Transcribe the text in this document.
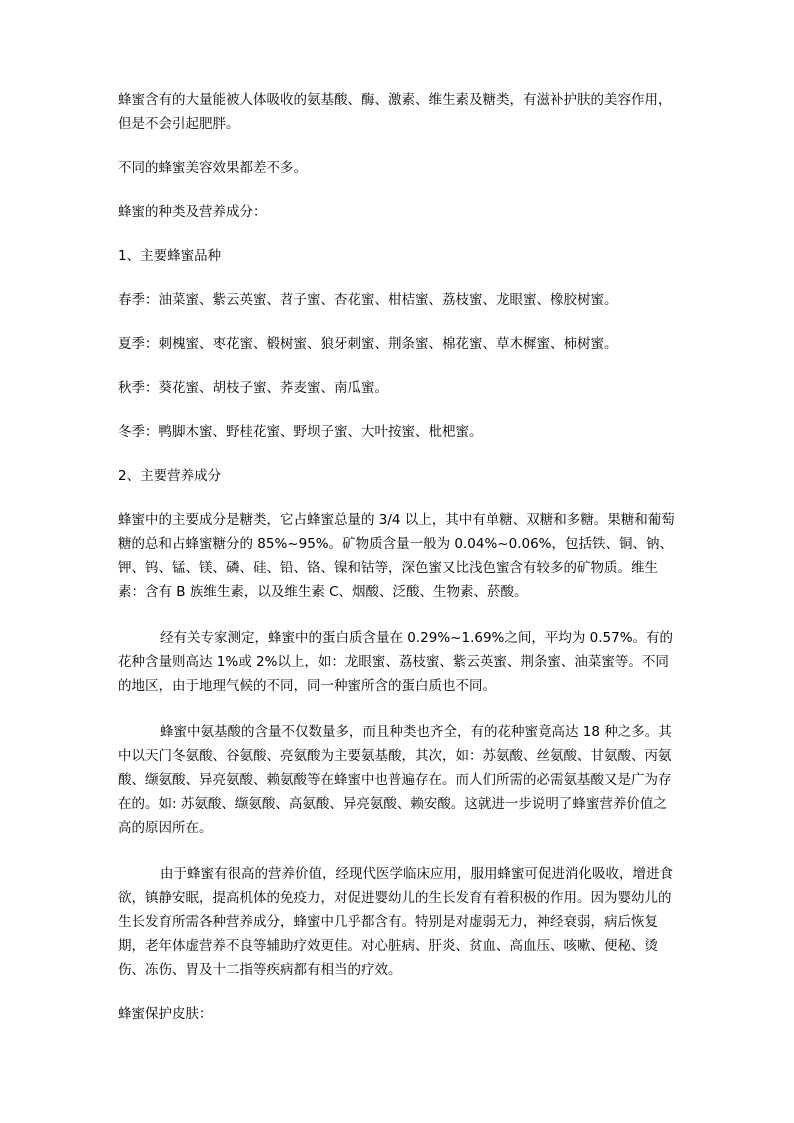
蜂蜜含有的大量能被人体吸收的氨基酸、酶、激素、维生素及糖类，有滋补护肤的美容作用，但是不会引起肥胖。

不同的蜂蜜美容效果都差不多。

蜂蜜的种类及营养成分：

1、主要蜂蜜品种

春季：油菜蜜、紫云英蜜、苕子蜜、杏花蜜、柑桔蜜、荔枝蜜、龙眼蜜、橡胶树蜜。

夏季：刺槐蜜、枣花蜜、椴树蜜、狼牙刺蜜、荆条蜜、棉花蜜、草木樨蜜、柿树蜜。

秋季：葵花蜜、胡枝子蜜、荞麦蜜、南瓜蜜。

冬季：鸭脚木蜜、野桂花蜜、野坝子蜜、大叶按蜜、枇杷蜜。

2、主要营养成分

蜂蜜中的主要成分是糖类，它占蜂蜜总量的 3/4 以上，其中有单糖、双糖和多糖。果糖和葡萄糖的总和占蜂蜜糖分的 85%~95%。矿物质含量一般为 0.04%~0.06%，包括铁、铜、钠、钾、钨、锰、镁、磷、硅、铅、铬、镍和钴等，深色蜜又比浅色蜜含有较多的矿物质。维生素：含有 B 族维生素，以及维生素 C、烟酸、泛酸、生物素、菸酸。

经有关专家测定，蜂蜜中的蛋白质含量在 0.29%~1.69%之间，平均为 0.57%。有的花种含量则高达 1%或 2%以上，如：龙眼蜜、荔枝蜜、紫云英蜜、荆条蜜、油菜蜜等。不同的地区，由于地理气候的不同，同一种蜜所含的蛋白质也不同。

蜂蜜中氨基酸的含量不仅数量多，而且种类也齐全，有的花种蜜竟高达 18 种之多。其中以天门冬氨酸、谷氨酸、亮氨酸为主要氨基酸，其次，如：苏氨酸、丝氨酸、甘氨酸、丙氨酸、缬氨酸、异亮氨酸、赖氨酸等在蜂蜜中也普遍存在。而人们所需的必需氨基酸又是广为存在的。如: 苏氨酸、缬氨酸、高氨酸、异亮氨酸、赖安酸。这就进一步说明了蜂蜜营养价值之高的原因所在。

由于蜂蜜有很高的营养价值，经现代医学临床应用，服用蜂蜜可促进消化吸收，增进食欲，镇静安眠，提高机体的免疫力，对促进婴幼儿的生长发育有着积极的作用。因为婴幼儿的生长发育所需各种营养成分，蜂蜜中几乎都含有。特别是对虚弱无力，神经衰弱，病后恢复期，老年体虚营养不良等辅助疗效更佳。对心脏病、肝炎、贫血、高血压、咳嗽、便秘、烫伤、冻伤、胃及十二指等疾病都有相当的疗效。

蜂蜜保护皮肤：
